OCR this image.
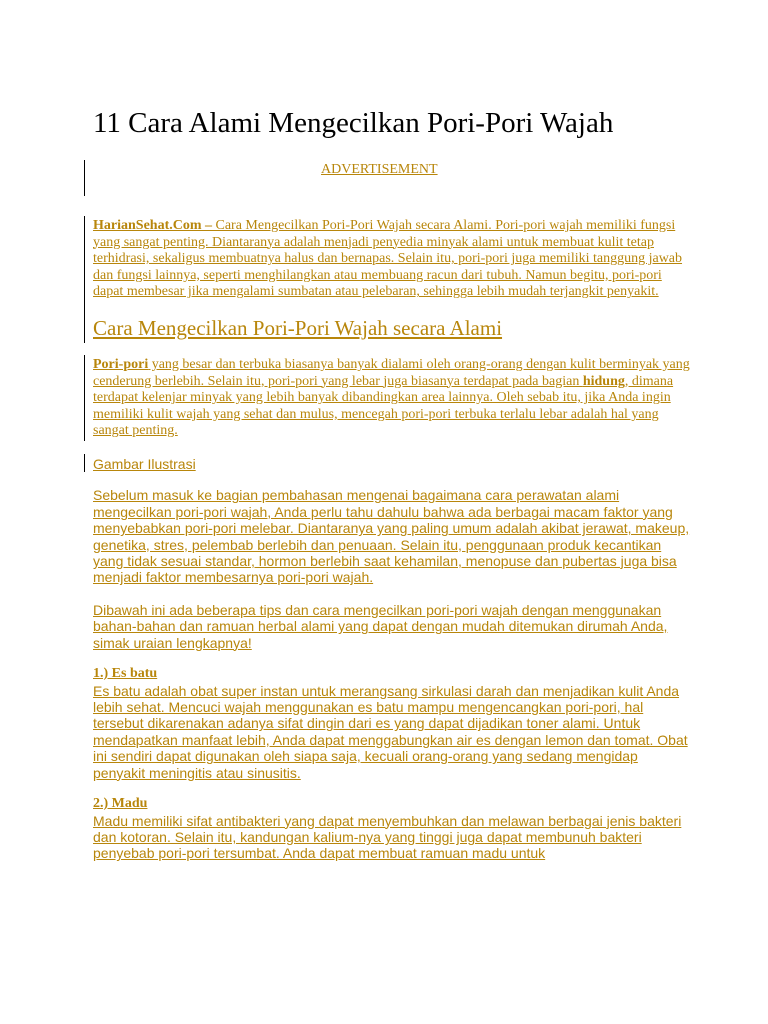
11 Cara Alami Mengecilkan Pori-Pori Wajah
ADVERTISEMENT

HarianSehat.Com – Cara Mengecilkan Pori-Pori Wajah secara Alami. Pori-pori wajah memiliki fungsi yang sangat penting. Diantaranya adalah menjadi penyedia minyak alami untuk membuat kulit tetap terhidrasi, sekaligus membuatnya halus dan bernapas. Selain itu, pori-pori juga memiliki tanggung jawab dan fungsi lainnya, seperti menghilangkan atau membuang racun dari tubuh. Namun begitu, pori-pori dapat membesar jika mengalami sumbatan atau pelebaran, sehingga lebih mudah terjangkit penyakit.

Cara Mengecilkan Pori-Pori Wajah secara Alami

Pori-pori yang besar dan terbuka biasanya banyak dialami oleh orang-orang dengan kulit berminyak yang cenderung berlebih. Selain itu, pori-pori yang lebar juga biasanya terdapat pada bagian hidung, dimana terdapat kelenjar minyak yang lebih banyak dibandingkan area lainnya. Oleh sebab itu, jika Anda ingin memiliki kulit wajah yang sehat dan mulus, mencegah pori-pori terbuka terlalu lebar adalah hal yang sangat penting.

Gambar Ilustrasi

Sebelum masuk ke bagian pembahasan mengenai bagaimana cara perawatan alami mengecilkan pori-pori wajah, Anda perlu tahu dahulu bahwa ada berbagai macam faktor yang menyebabkan pori-pori melebar. Diantaranya yang paling umum adalah akibat jerawat, makeup, genetika, stres, pelembab berlebih dan penuaan. Selain itu, penggunaan produk kecantikan yang tidak sesuai standar, hormon berlebih saat kehamilan, menopuse dan pubertas juga bisa menjadi faktor membesarnya pori-pori wajah.

Dibawah ini ada beberapa tips dan cara mengecilkan pori-pori wajah dengan menggunakan bahan-bahan dan ramuan herbal alami yang dapat dengan mudah ditemukan dirumah Anda, simak uraian lengkapnya!

1.) Es batu
Es batu adalah obat super instan untuk merangsang sirkulasi darah dan menjadikan kulit Anda lebih sehat. Mencuci wajah menggunakan es batu mampu mengencangkan pori-pori, hal tersebut dikarenakan adanya sifat dingin dari es yang dapat dijadikan toner alami. Untuk mendapatkan manfaat lebih, Anda dapat menggabungkan air es dengan lemon dan tomat. Obat ini sendiri dapat digunakan oleh siapa saja, kecuali orang-orang yang sedang mengidap penyakit meningitis atau sinusitis.
2.) Madu
Madu memiliki sifat antibakteri yang dapat menyembuhkan dan melawan berbagai jenis bakteri dan kotoran. Selain itu, kandungan kalium-nya yang tinggi juga dapat membunuh bakteri penyebab pori-pori tersumbat. Anda dapat membuat ramuan madu untuk
